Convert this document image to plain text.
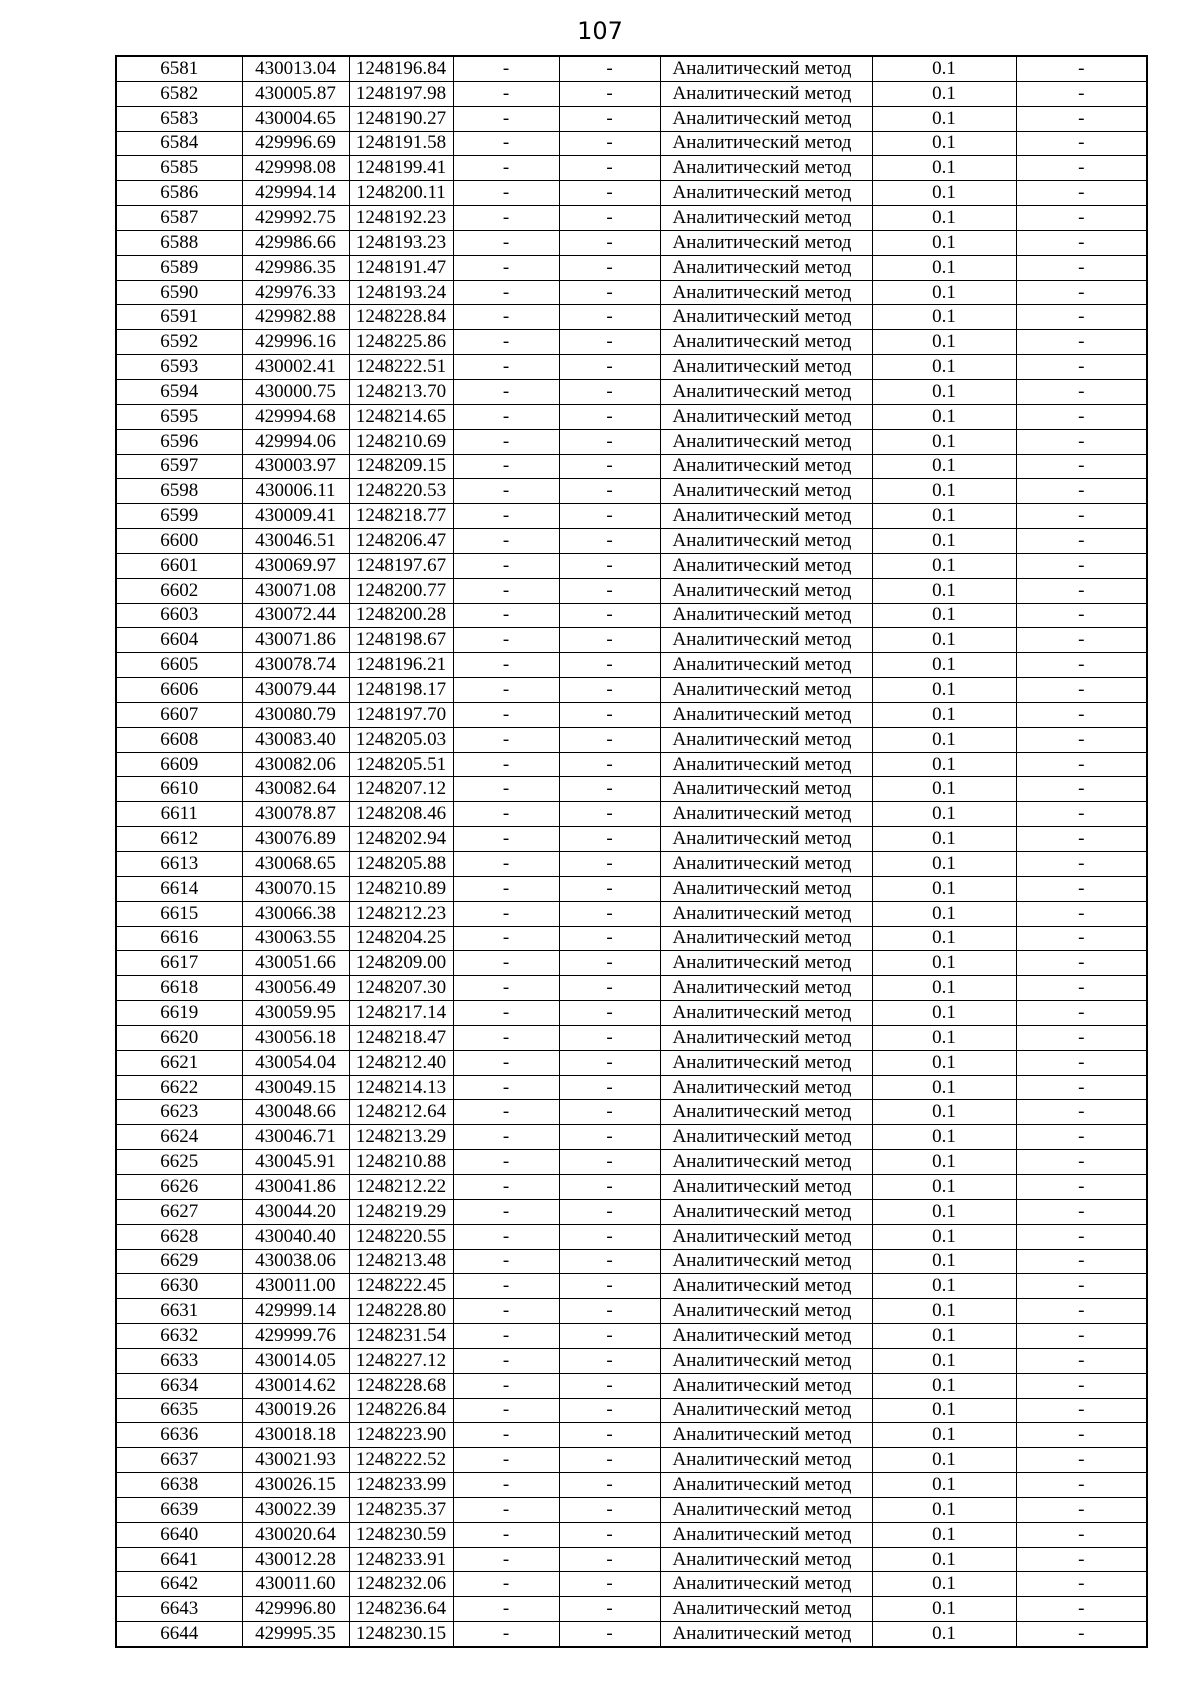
107
6581	430013.04	1248196.84	-	-	Аналитический метод	0.1	-
6582	430005.87	1248197.98	-	-	Аналитический метод	0.1	-
6583	430004.65	1248190.27	-	-	Аналитический метод	0.1	-
6584	429996.69	1248191.58	-	-	Аналитический метод	0.1	-
6585	429998.08	1248199.41	-	-	Аналитический метод	0.1	-
6586	429994.14	1248200.11	-	-	Аналитический метод	0.1	-
6587	429992.75	1248192.23	-	-	Аналитический метод	0.1	-
6588	429986.66	1248193.23	-	-	Аналитический метод	0.1	-
6589	429986.35	1248191.47	-	-	Аналитический метод	0.1	-
6590	429976.33	1248193.24	-	-	Аналитический метод	0.1	-
6591	429982.88	1248228.84	-	-	Аналитический метод	0.1	-
6592	429996.16	1248225.86	-	-	Аналитический метод	0.1	-
6593	430002.41	1248222.51	-	-	Аналитический метод	0.1	-
6594	430000.75	1248213.70	-	-	Аналитический метод	0.1	-
6595	429994.68	1248214.65	-	-	Аналитический метод	0.1	-
6596	429994.06	1248210.69	-	-	Аналитический метод	0.1	-
6597	430003.97	1248209.15	-	-	Аналитический метод	0.1	-
6598	430006.11	1248220.53	-	-	Аналитический метод	0.1	-
6599	430009.41	1248218.77	-	-	Аналитический метод	0.1	-
6600	430046.51	1248206.47	-	-	Аналитический метод	0.1	-
6601	430069.97	1248197.67	-	-	Аналитический метод	0.1	-
6602	430071.08	1248200.77	-	-	Аналитический метод	0.1	-
6603	430072.44	1248200.28	-	-	Аналитический метод	0.1	-
6604	430071.86	1248198.67	-	-	Аналитический метод	0.1	-
6605	430078.74	1248196.21	-	-	Аналитический метод	0.1	-
6606	430079.44	1248198.17	-	-	Аналитический метод	0.1	-
6607	430080.79	1248197.70	-	-	Аналитический метод	0.1	-
6608	430083.40	1248205.03	-	-	Аналитический метод	0.1	-
6609	430082.06	1248205.51	-	-	Аналитический метод	0.1	-
6610	430082.64	1248207.12	-	-	Аналитический метод	0.1	-
6611	430078.87	1248208.46	-	-	Аналитический метод	0.1	-
6612	430076.89	1248202.94	-	-	Аналитический метод	0.1	-
6613	430068.65	1248205.88	-	-	Аналитический метод	0.1	-
6614	430070.15	1248210.89	-	-	Аналитический метод	0.1	-
6615	430066.38	1248212.23	-	-	Аналитический метод	0.1	-
6616	430063.55	1248204.25	-	-	Аналитический метод	0.1	-
6617	430051.66	1248209.00	-	-	Аналитический метод	0.1	-
6618	430056.49	1248207.30	-	-	Аналитический метод	0.1	-
6619	430059.95	1248217.14	-	-	Аналитический метод	0.1	-
6620	430056.18	1248218.47	-	-	Аналитический метод	0.1	-
6621	430054.04	1248212.40	-	-	Аналитический метод	0.1	-
6622	430049.15	1248214.13	-	-	Аналитический метод	0.1	-
6623	430048.66	1248212.64	-	-	Аналитический метод	0.1	-
6624	430046.71	1248213.29	-	-	Аналитический метод	0.1	-
6625	430045.91	1248210.88	-	-	Аналитический метод	0.1	-
6626	430041.86	1248212.22	-	-	Аналитический метод	0.1	-
6627	430044.20	1248219.29	-	-	Аналитический метод	0.1	-
6628	430040.40	1248220.55	-	-	Аналитический метод	0.1	-
6629	430038.06	1248213.48	-	-	Аналитический метод	0.1	-
6630	430011.00	1248222.45	-	-	Аналитический метод	0.1	-
6631	429999.14	1248228.80	-	-	Аналитический метод	0.1	-
6632	429999.76	1248231.54	-	-	Аналитический метод	0.1	-
6633	430014.05	1248227.12	-	-	Аналитический метод	0.1	-
6634	430014.62	1248228.68	-	-	Аналитический метод	0.1	-
6635	430019.26	1248226.84	-	-	Аналитический метод	0.1	-
6636	430018.18	1248223.90	-	-	Аналитический метод	0.1	-
6637	430021.93	1248222.52	-	-	Аналитический метод	0.1	-
6638	430026.15	1248233.99	-	-	Аналитический метод	0.1	-
6639	430022.39	1248235.37	-	-	Аналитический метод	0.1	-
6640	430020.64	1248230.59	-	-	Аналитический метод	0.1	-
6641	430012.28	1248233.91	-	-	Аналитический метод	0.1	-
6642	430011.60	1248232.06	-	-	Аналитический метод	0.1	-
6643	429996.80	1248236.64	-	-	Аналитический метод	0.1	-
6644	429995.35	1248230.15	-	-	Аналитический метод	0.1	-
